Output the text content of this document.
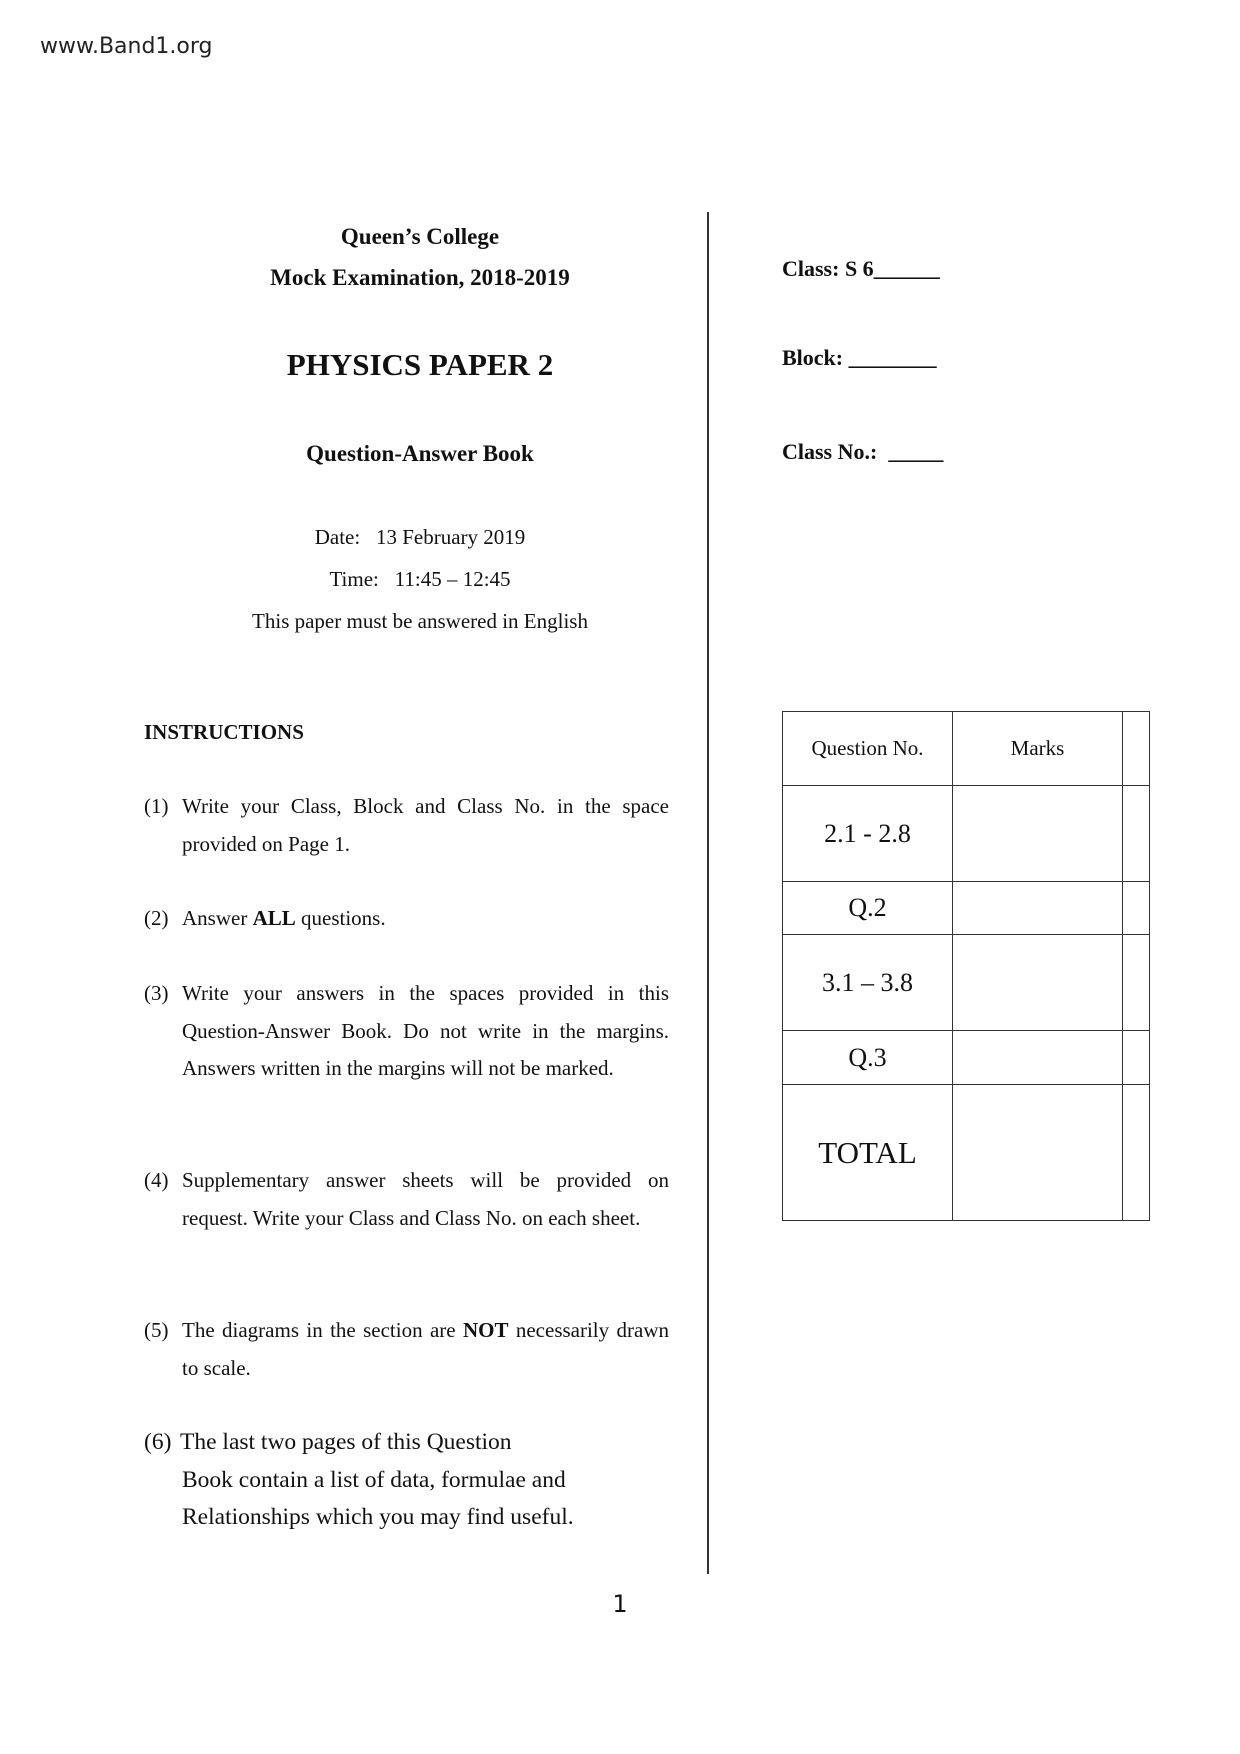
www.Band1.org
Queen’s College
Mock Examination, 2018-2019
PHYSICS PAPER 2
Question-Answer Book
Date: 13 February 2019
Time: 11:45 – 12:45
This paper must be answered in English
Class: S 6______
Block: ________
Class No.: _____
INSTRUCTIONS
(1) Write your Class, Block and Class No. in the space provided on Page 1.
(2) Answer ALL questions.
(3) Write your answers in the spaces provided in this Question-Answer Book. Do not write in the margins. Answers written in the margins will not be marked.
(4) Supplementary answer sheets will be provided on request. Write your Class and Class No. on each sheet.
(5) The diagrams in the section are NOT necessarily drawn to scale.
(6) The last two pages of this Question
Book contain a list of data, formulae and
Relationships which you may find useful.
Question No.	Marks	
2.1 - 2.8		
Q.2		
3.1 – 3.8		
Q.3		
TOTAL		
1
